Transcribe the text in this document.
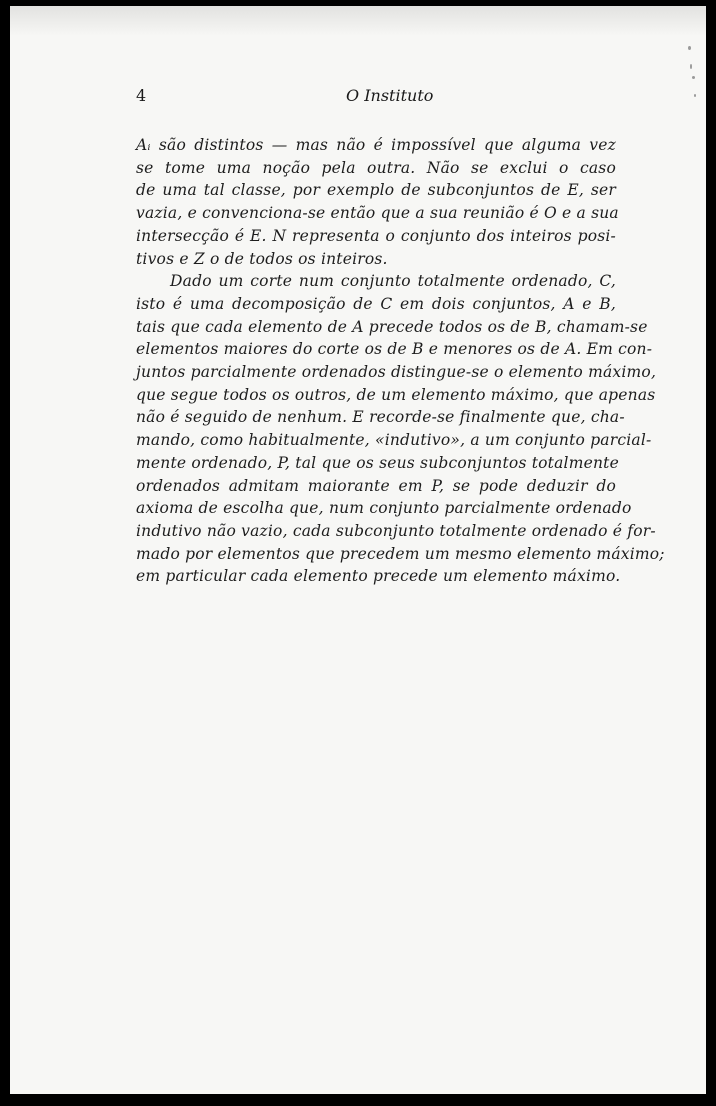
4	O Instituto

Aᵢ são distintos — mas não é impossível que alguma vez
se tome uma noção pela outra. Não se exclui o caso
de uma tal classe, por exemplo de subconjuntos de E, ser
vazia, e convenciona-se então que a sua reunião é O e a sua
intersecção é E. N representa o conjunto dos inteiros posi-
tivos e Z o de todos os inteiros.

Dado um corte num conjunto totalmente ordenado, C,
isto é uma decomposição de C em dois conjuntos, A e B,
tais que cada elemento de A precede todos os de B, chamam-se
elementos maiores do corte os de B e menores os de A. Em con-
juntos parcialmente ordenados distingue-se o elemento máximo,
que segue todos os outros, de um elemento máximo, que apenas
não é seguido de nenhum. E recorde-se finalmente que, cha-
mando, como habitualmente, «indutivo», a um conjunto parcial-
mente ordenado, P, tal que os seus subconjuntos totalmente
ordenados admitam maiorante em P, se pode deduzir do
axioma de escolha que, num conjunto parcialmente ordenado
indutivo não vazio, cada subconjunto totalmente ordenado é for-
mado por elementos que precedem um mesmo elemento máximo;
em particular cada elemento precede um elemento máximo.
